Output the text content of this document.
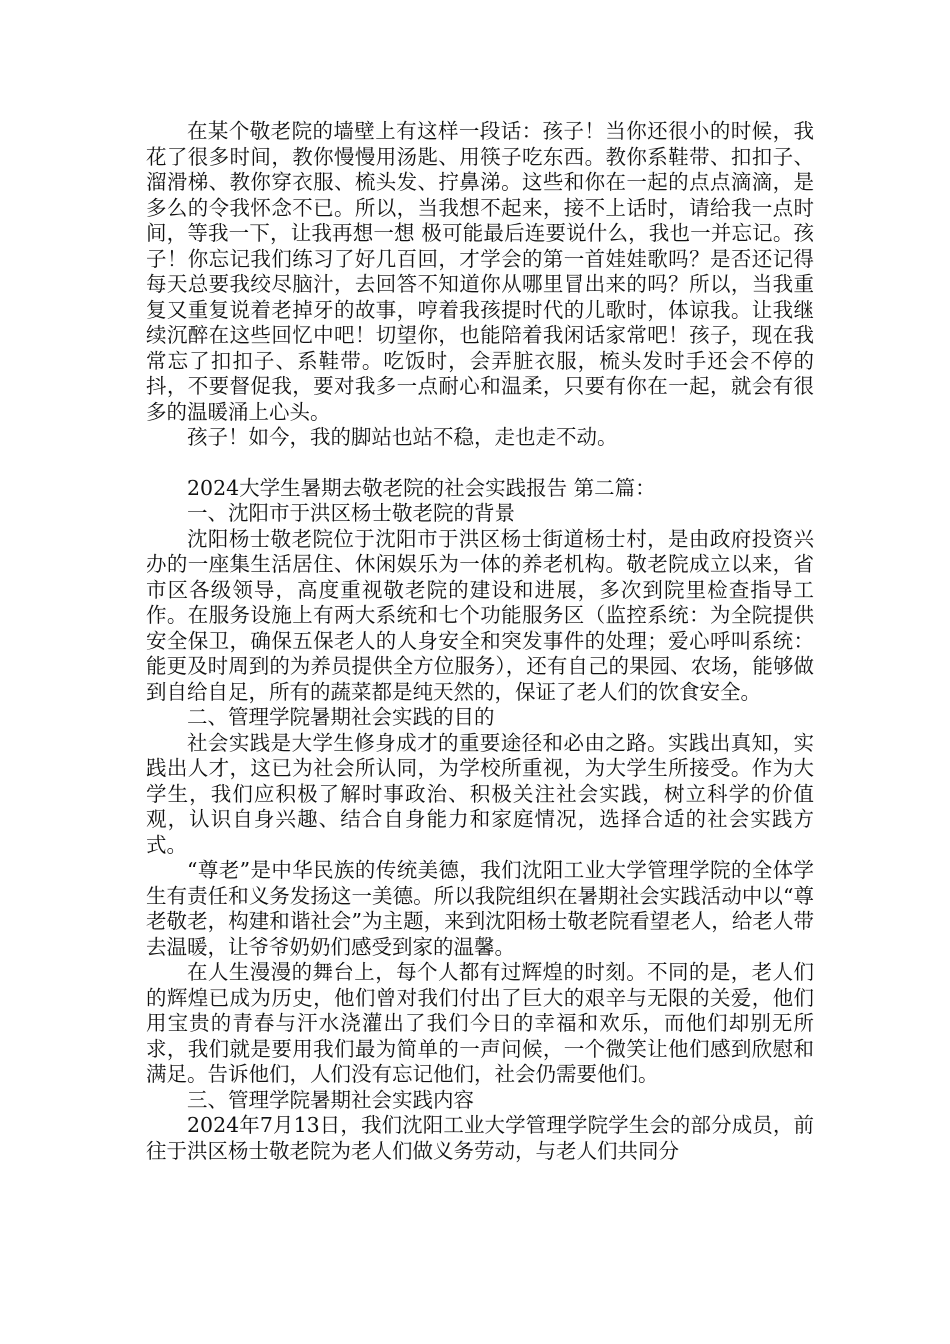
在某个敬老院的墙壁上有这样一段话：孩子！当你还很小的时候，我花了很多时间，教你慢慢用汤匙、用筷子吃东西。教你系鞋带、扣扣子、溜滑梯、教你穿衣服、梳头发、拧鼻涕。这些和你在一起的点点滴滴，是多么的令我怀念不已。所以，当我想不起来，接不上话时，请给我一点时间，等我一下，让我再想一想 极可能最后连要说什么，我也一并忘记。孩子！你忘记我们练习了好几百回，才学会的第一首娃娃歌吗？是否还记得每天总要我绞尽脑汁，去回答不知道你从哪里冒出来的吗？所以，当我重复又重复说着老掉牙的故事，哼着我孩提时代的儿歌时，体谅我。让我继续沉醉在这些回忆中吧！切望你，也能陪着我闲话家常吧！孩子，现在我常忘了扣扣子、系鞋带。吃饭时，会弄脏衣服，梳头发时手还会不停的抖，不要督促我，要对我多一点耐心和温柔，只要有你在一起，就会有很多的温暖涌上心头。

孩子！如今，我的脚站也站不稳，走也走不动。

2024大学生暑期去敬老院的社会实践报告 第二篇：

一、沈阳市于洪区杨士敬老院的背景

沈阳杨士敬老院位于沈阳市于洪区杨士街道杨士村，是由政府投资兴办的一座集生活居住、休闲娱乐为一体的养老机构。敬老院成立以来，省市区各级领导，高度重视敬老院的建设和进展，多次到院里检查指导工作。在服务设施上有两大系统和七个功能服务区（监控系统：为全院提供安全保卫，确保五保老人的人身安全和突发事件的处理；爱心呼叫系统：能更及时周到的为养员提供全方位服务），还有自己的果园、农场，能够做到自给自足，所有的蔬菜都是纯天然的，保证了老人们的饮食安全。

二、管理学院暑期社会实践的目的

社会实践是大学生修身成才的重要途径和必由之路。实践出真知，实践出人才，这已为社会所认同，为学校所重视，为大学生所接受。作为大学生，我们应积极了解时事政治、积极关注社会实践，树立科学的价值观，认识自身兴趣、结合自身能力和家庭情况，选择合适的社会实践方式。

“尊老”是中华民族的传统美德，我们沈阳工业大学管理学院的全体学生有责任和义务发扬这一美德。所以我院组织在暑期社会实践活动中以“尊老敬老，构建和谐社会”为主题，来到沈阳杨士敬老院看望老人，给老人带去温暖，让爷爷奶奶们感受到家的温馨。

在人生漫漫的舞台上，每个人都有过辉煌的时刻。不同的是，老人们的辉煌已成为历史，他们曾对我们付出了巨大的艰辛与无限的关爱，他们用宝贵的青春与汗水浇灌出了我们今日的幸福和欢乐，而他们却别无所求，我们就是要用我们最为简单的一声问候，一个微笑让他们感到欣慰和满足。告诉他们，人们没有忘记他们，社会仍需要他们。

三、管理学院暑期社会实践内容

2024年7月13日，我们沈阳工业大学管理学院学生会的部分成员，前往于洪区杨士敬老院为老人们做义务劳动，与老人们共同分
